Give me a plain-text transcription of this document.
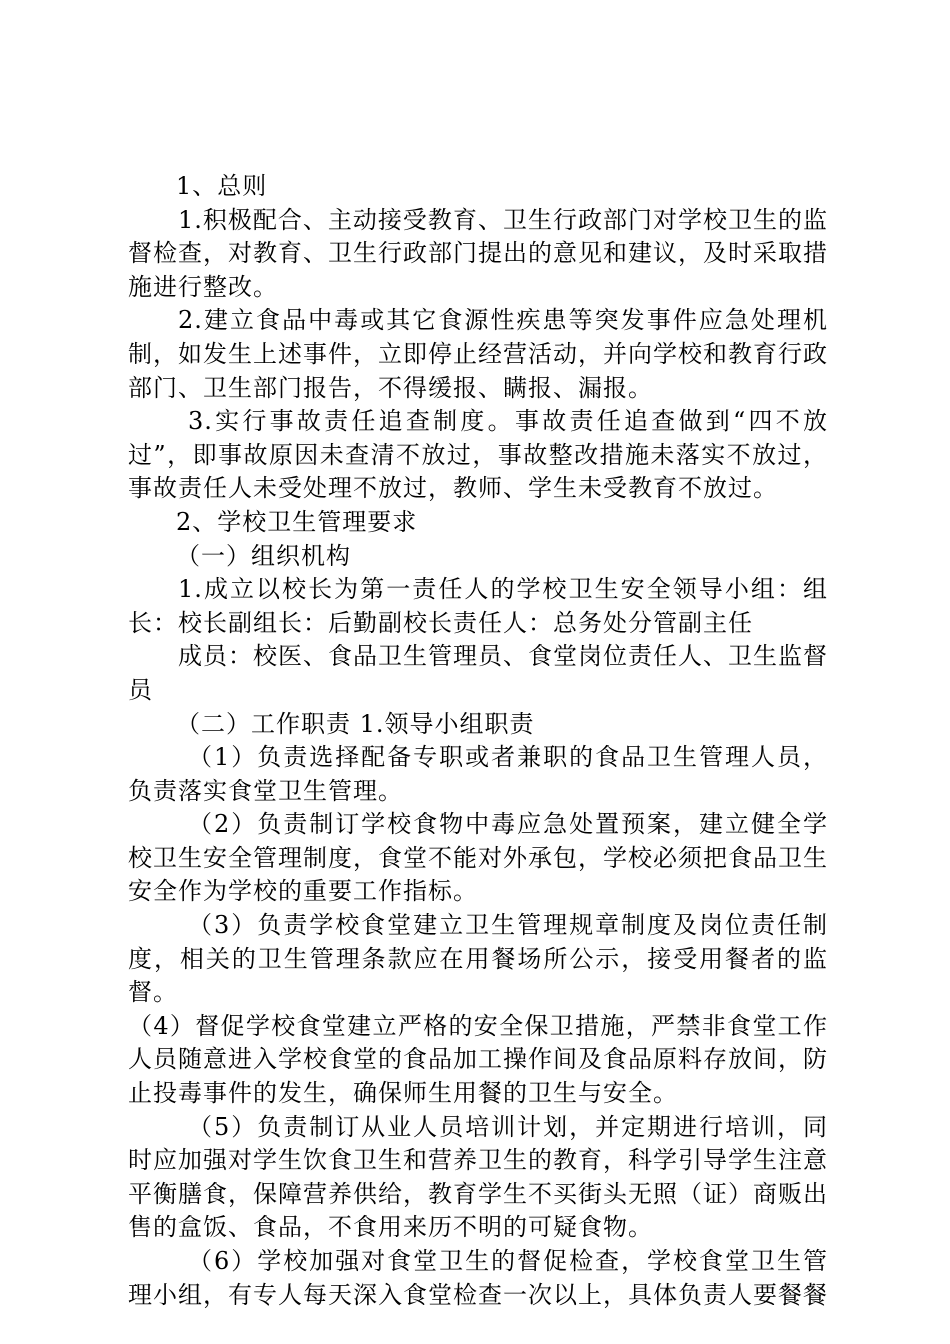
1、总则

1.积极配合、主动接受教育、卫生行政部门对学校卫生的监督检查，对教育、卫生行政部门提出的意见和建议，及时采取措施进行整改。

2.建立食品中毒或其它食源性疾患等突发事件应急处理机制，如发生上述事件，立即停止经营活动，并向学校和教育行政部门、卫生部门报告，不得缓报、瞒报、漏报。

3.实行事故责任追查制度。事故责任追查做到“四不放过”，即事故原因未查清不放过，事故整改措施未落实不放过，事故责任人未受处理不放过，教师、学生未受教育不放过。

2、学校卫生管理要求

（一）组织机构

1.成立以校长为第一责任人的学校卫生安全领导小组：组长：校长副组长：后勤副校长责任人：总务处分管副主任

成员：校医、食品卫生管理员、食堂岗位责任人、卫生监督员

（二）工作职责 1.领导小组职责

（1）负责选择配备专职或者兼职的食品卫生管理人员，负责落实食堂卫生管理。

（2）负责制订学校食物中毒应急处置预案，建立健全学校卫生安全管理制度，食堂不能对外承包，学校必须把食品卫生安全作为学校的重要工作指标。

（3）负责学校食堂建立卫生管理规章制度及岗位责任制度，相关的卫生管理条款应在用餐场所公示，接受用餐者的监督。

（4）督促学校食堂建立严格的安全保卫措施，严禁非食堂工作人员随意进入学校食堂的食品加工操作间及食品原料存放间，防止投毒事件的发生，确保师生用餐的卫生与安全。

（5）负责制订从业人员培训计划，并定期进行培训，同时应加强对学生饮食卫生和营养卫生的教育，科学引导学生注意平衡膳食，保障营养供给，教育学生不买街头无照（证）商贩出售的盒饭、食品，不食用来历不明的可疑食物。

（6）学校加强对食堂卫生的督促检查，学校食堂卫生管理小组，有专人每天深入食堂检查一次以上，具体负责人要餐餐
